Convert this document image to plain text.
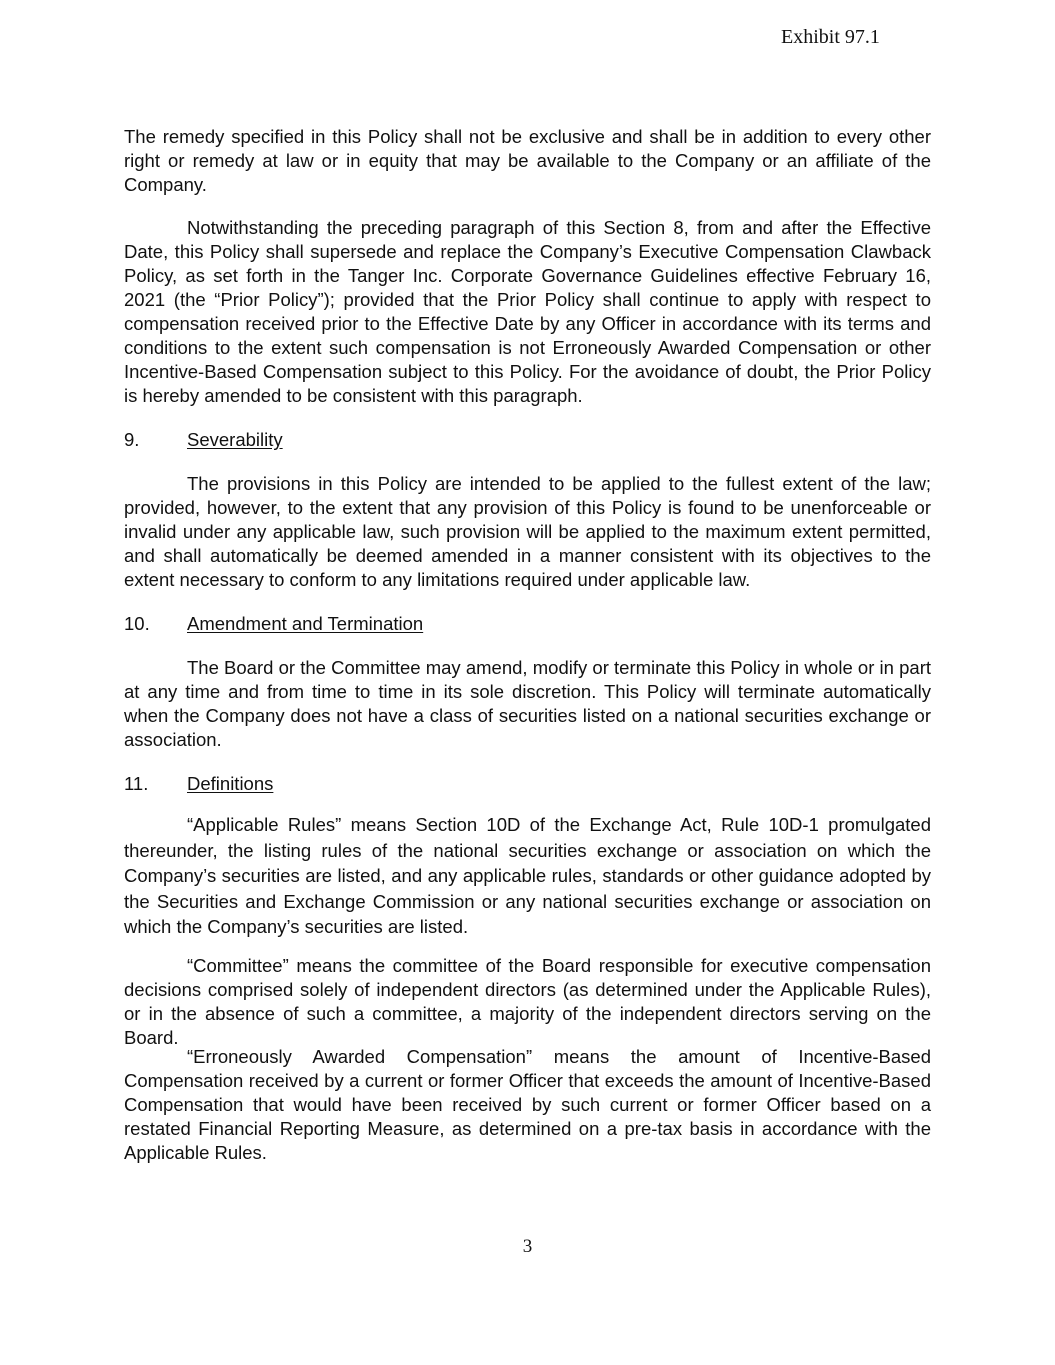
Exhibit 97.1

The remedy specified in this Policy shall not be exclusive and shall be in addition to every other right or remedy at law or in equity that may be available to the Company or an affiliate of the Company.

Notwithstanding the preceding paragraph of this Section 8, from and after the Effective Date, this Policy shall supersede and replace the Company’s Executive Compensation Clawback Policy, as set forth in the Tanger Inc. Corporate Governance Guidelines effective February 16, 2021 (the “Prior Policy”); provided that the Prior Policy shall continue to apply with respect to compensation received prior to the Effective Date by any Officer in accordance with its terms and conditions to the extent such compensation is not Erroneously Awarded Compensation or other Incentive-Based Compensation subject to this Policy. For the avoidance of doubt, the Prior Policy is hereby amended to be consistent with this paragraph.

9.	Severability

The provisions in this Policy are intended to be applied to the fullest extent of the law; provided, however, to the extent that any provision of this Policy is found to be unenforceable or invalid under any applicable law, such provision will be applied to the maximum extent permitted, and shall automatically be deemed amended in a manner consistent with its objectives to the extent necessary to conform to any limitations required under applicable law.

10. Amendment and Termination

The Board or the Committee may amend, modify or terminate this Policy in whole or in part at any time and from time to time in its sole discretion. This Policy will terminate automatically when the Company does not have a class of securities listed on a national securities exchange or association.

11. Definitions

“Applicable Rules” means Section 10D of the Exchange Act, Rule 10D-1 promulgated thereunder, the listing rules of the national securities exchange or association on which the Company’s securities are listed, and any applicable rules, standards or other guidance adopted by the Securities and Exchange Commission or any national securities exchange or association on which the Company’s securities are listed.

“Committee” means the committee of the Board responsible for executive compensation decisions comprised solely of independent directors (as determined under the Applicable Rules), or in the absence of such a committee, a majority of the independent directors serving on the Board.

“Erroneously Awarded Compensation” means the amount of Incentive-Based Compensation received by a current or former Officer that exceeds the amount of Incentive-Based Compensation that would have been received by such current or former Officer based on a restated Financial Reporting Measure, as determined on a pre-tax basis in accordance with the Applicable Rules.

3
